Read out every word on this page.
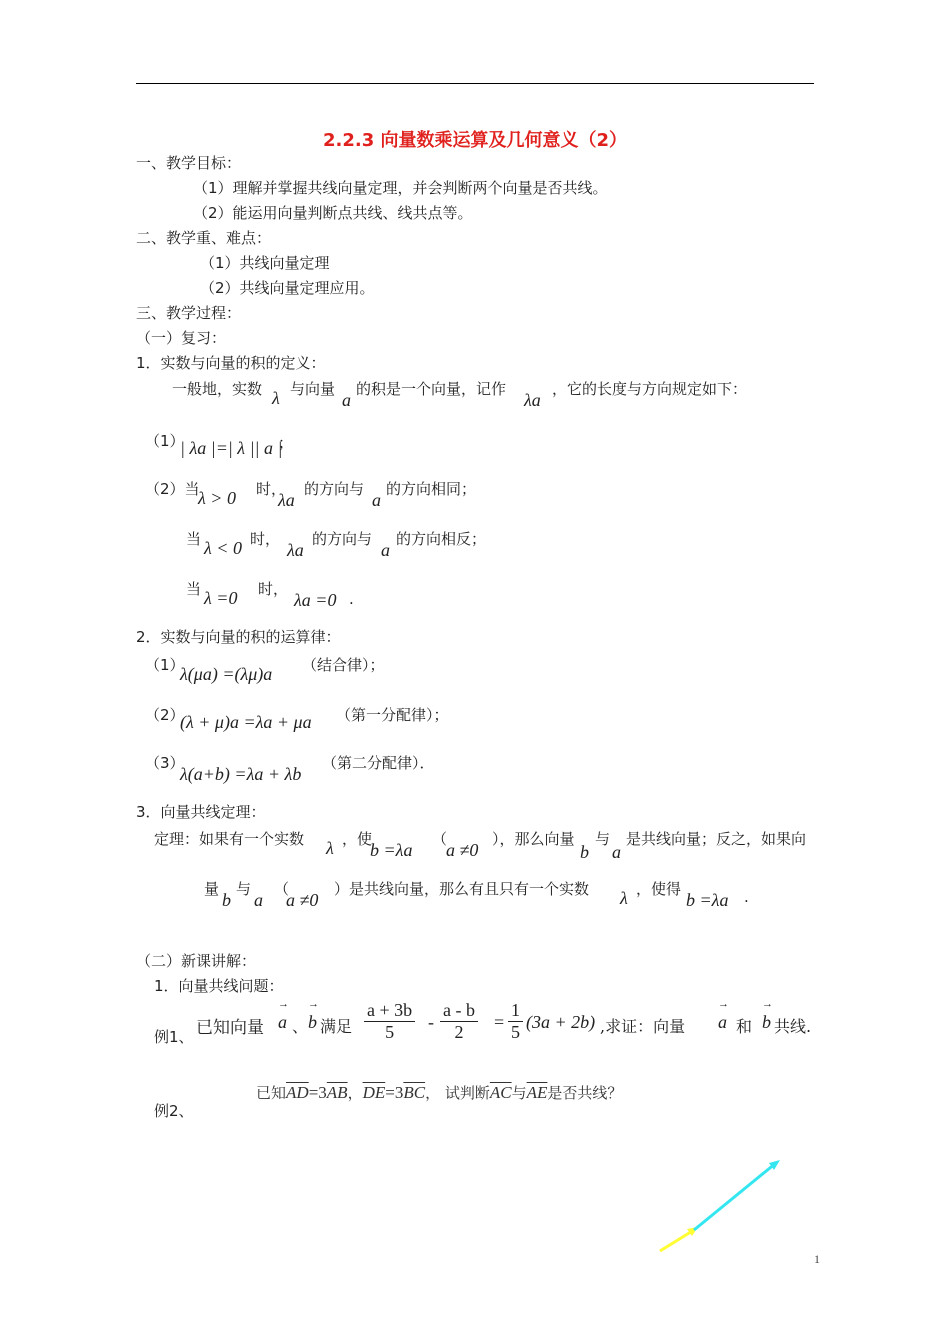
2.2.3 向量数乘运算及几何意义（2）
一、教学目标：
（1）理解并掌握共线向量定理，并会判断两个向量是否共线。
（2）能运用向量判断点共线、线共点等。
二、教学重、难点：
（1）共线向量定理
（2）共线向量定理应用。
三、教学过程：
（一）复习：
1．实数与向量的积的定义：
一般地，实数 λ 与向量
a
的积是一个向量，记作
λa
，它的长度与方向规定如下：
（1）
| λa |=| λ || a |
；
（2）当
λ > 0 时，
λa
的方向与
a
的方向相同；
当 λ < 0 时，
λa
的方向与
a
的方向相反；
当 λ =0 时，
λa =0 .
2．实数与向量的积的运算律：
（1）
λ(μa) =(λμ)a （结合律）；
（2）
(λ + μ)a =λa + μa （第一分配律）；
（3）
λ(a+b) =λa + λb
（第二分配律）．
3．向量共线定理：
定理：如果有一个实数 λ ，使
b =λa
（
a ≠0
），那么向量
b
与
a
是共线向量；反之，如果向
量
b
与
a
（
a ≠0
）是共线向量，那么有且只有一个实数 λ ，使得
b =λa .
（二）新课讲解：
1．向量共线问题：
例1、 已知向量 → a 、 → b 满足 $\frac{a + 3b}{5} - \frac{a - b}{2} = \frac{1}{5} (3a + 2b)$ ,求证：向量 → a 和 → b 共线.
例2、
已知$\overline{AD}=3\overline{AB}$，$\overline{DE}=3\overline{BC}$， 试判断$\overline{AC}$与$\overline{AE}$是否共线？
1
